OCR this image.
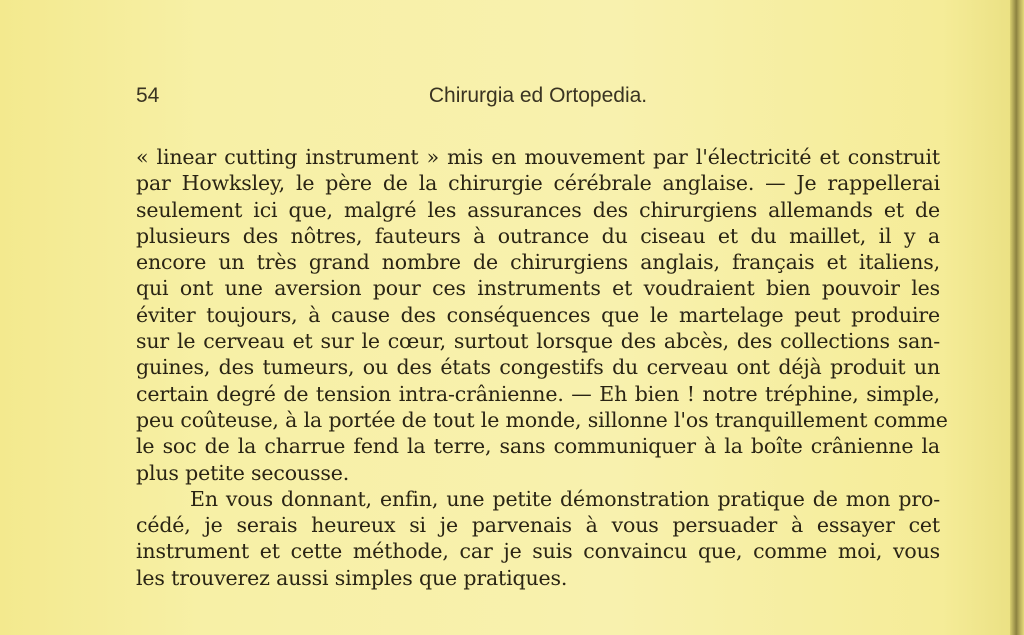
54	Chirurgia ed Ortopedia.
« linear cutting instrument » mis en mouvement par l'électricité et construit
par Howksley, le père de la chirurgie cérébrale anglaise. — Je rappellerai
seulement ici que, malgré les assurances des chirurgiens allemands et de
plusieurs des nôtres, fauteurs à outrance du ciseau et du maillet, il y a
encore un très grand nombre de chirurgiens anglais, français et italiens,
qui ont une aversion pour ces instruments et voudraient bien pouvoir les
éviter toujours, à cause des conséquences que le martelage peut produire
sur le cerveau et sur le cœur, surtout lorsque des abcès, des collections san-
guines, des tumeurs, ou des états congestifs du cerveau ont déjà produit un
certain degré de tension intra-crânienne. — Eh bien ! notre tréphine, simple,
peu coûteuse, à la portée de tout le monde, sillonne l'os tranquillement comme
le soc de la charrue fend la terre, sans communiquer à la boîte crânienne la
plus petite secousse.
En vous donnant, enfin, une petite démonstration pratique de mon pro-
cédé, je serais heureux si je parvenais à vous persuader à essayer cet
instrument et cette méthode, car je suis convaincu que, comme moi, vous
les trouverez aussi simples que pratiques.
